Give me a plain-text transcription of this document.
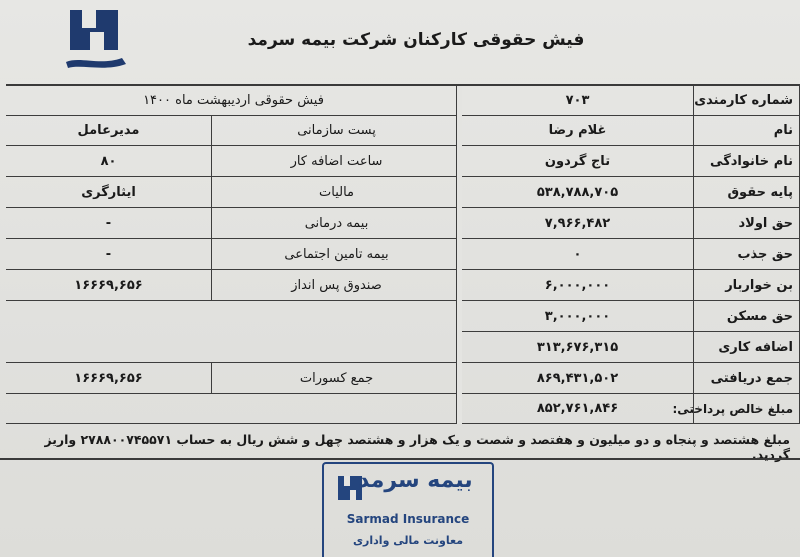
فیش حقوقی کارکنان شرکت بیمه سرمد
شماره کارمندی
۷۰۳
فیش حقوقی اردیبهشت ماه ۱۴۰۰
نام
غلام رضا
پست سازمانی
مدیرعامل
نام خانوادگی
تاج گردون
ساعت اضافه کار
۸۰
پایه حقوق
۵۳۸,۷۸۸,۷۰۵
مالیات
ایثارگری
حق اولاد
۷,۹۶۶,۴۸۲
بیمه درمانی
-
حق جذب
۰
بیمه تامین اجتماعی
-
بن خواربار
۶,۰۰۰,۰۰۰
صندوق پس انداز
۱۶۶۶۹,۶۵۶
حق مسکن
۳,۰۰۰,۰۰۰
اضافه کاری
۳۱۳,۶۷۶,۳۱۵
جمع دریافتی
۸۶۹,۴۳۱,۵۰۲
جمع کسورات
۱۶۶۶۹,۶۵۶
مبلغ خالص پرداختی:
۸۵۲,۷۶۱,۸۴۶
مبلغ هشتصد و پنجاه و دو میلیون و هفتصد و شصت و یک هزار و هشتصد چهل و شش ریال به حساب ۲۷۸۸۰۰۷۴۵۵۷۱ واریز گردید.
بیمه سرمد
Sarmad Insurance
معاونت مالی واداری
